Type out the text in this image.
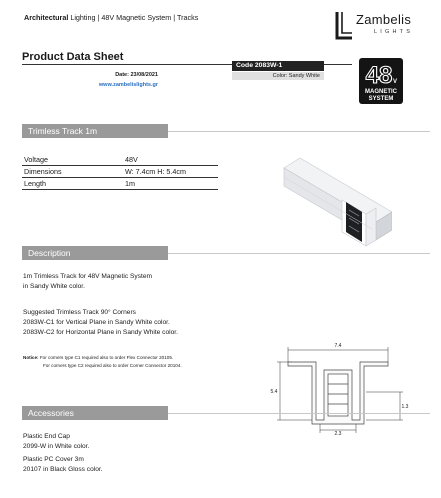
Architectural Lighting | 48V Magnetic System | Tracks	Zambelis
LIGHTS
Product Data Sheet
Code 2083W-1
Color: Sandy White
Date: 23/08/2021
www.zambelislights.gr	48 V
MAGNETIC
SYSTEM
Trimless Track 1m
Voltage	48V
Dimensions	W: 7.4cm H: 5.4cm
Length	1m
Description
1m Trimless Track for 48V Magnetic System
in Sandy White color.
Suggested Trimless Track 90° Corners
2083W-C1 for Vertical Plane in Sandy White color.
2083W-C2 for Horizontal Plane in Sandy White color.
Notice: For corners type C1 required also to order Flex Connector 20105.
For corners type C2 required also to order Corner Connector 20104.
7.4
5.4
2.3
1.3
Accessories
Plastic End Cap
2099-W in White color.
Plastic PC Cover 3m
20107 in Black Gloss color.
